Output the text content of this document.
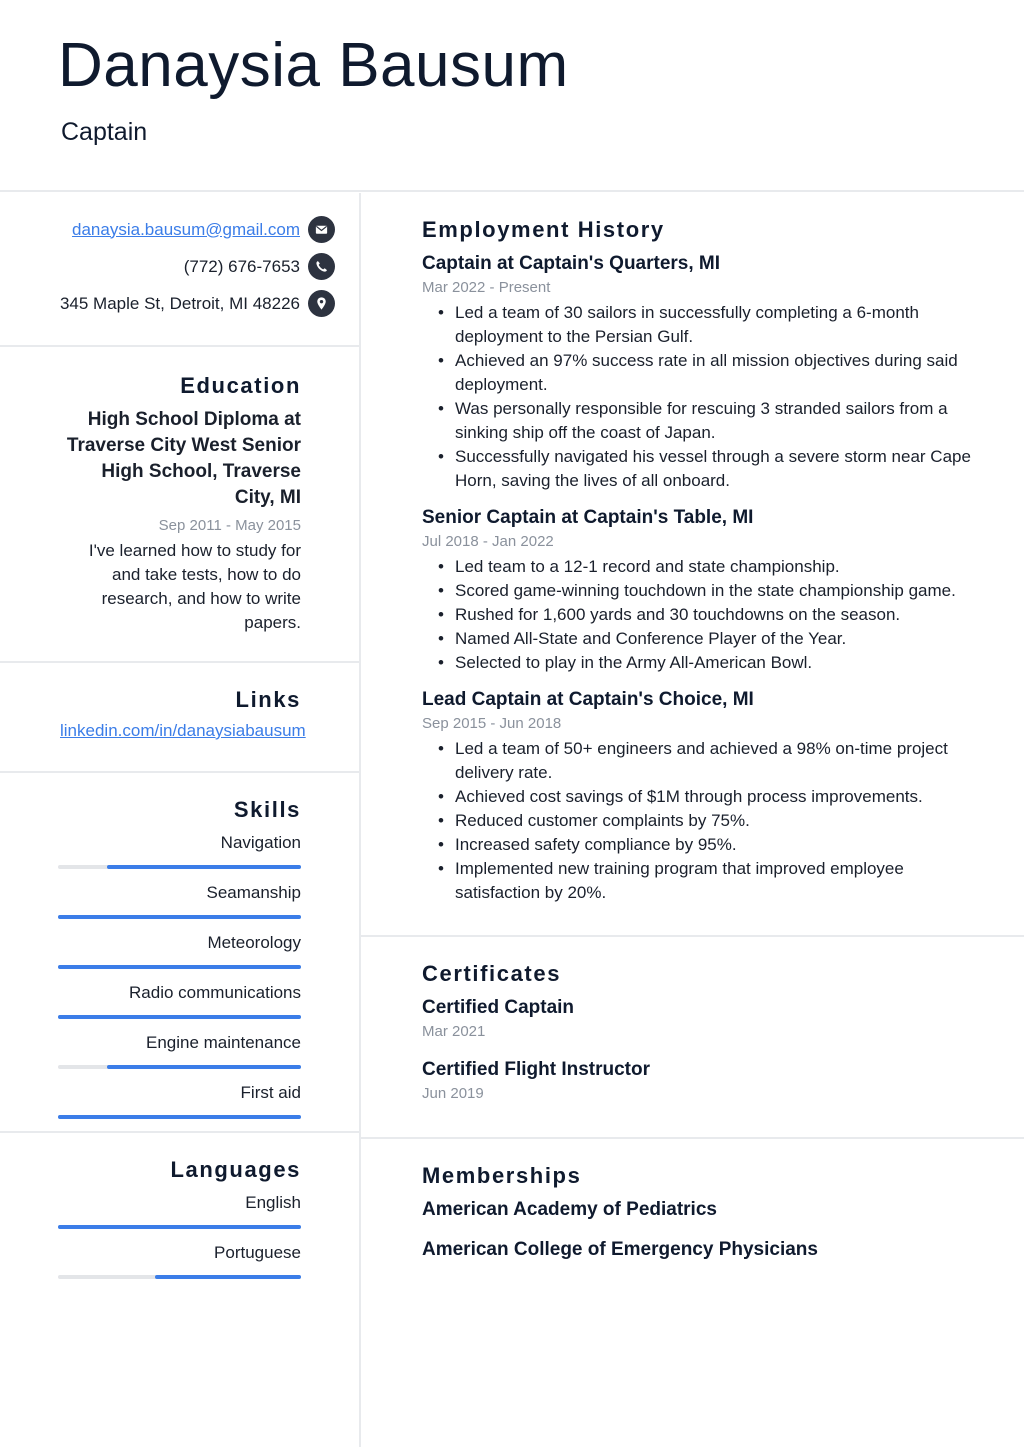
Danaysia Bausum
Captain
danaysia.bausum@gmail.com
(772) 676-7653
345 Maple St, Detroit, MI 48226
Education
High School Diploma at Traverse City West Senior High School, Traverse City, MI
Sep 2011 - May 2015
I've learned how to study for and take tests, how to do research, and how to write papers.
Links
linkedin.com/in/danaysiabausum
Skills
Navigation
Seamanship
Meteorology
Radio communications
Engine maintenance
First aid
Languages
English
Portuguese
Employment History
Captain at Captain's Quarters, MI
Mar 2022 - Present
• Led a team of 30 sailors in successfully completing a 6-month deployment to the Persian Gulf.
• Achieved an 97% success rate in all mission objectives during said deployment.
• Was personally responsible for rescuing 3 stranded sailors from a sinking ship off the coast of Japan.
• Successfully navigated his vessel through a severe storm near Cape Horn, saving the lives of all onboard.
Senior Captain at Captain's Table, MI
Jul 2018 - Jan 2022
• Led team to a 12-1 record and state championship.
• Scored game-winning touchdown in the state championship game.
• Rushed for 1,600 yards and 30 touchdowns on the season.
• Named All-State and Conference Player of the Year.
• Selected to play in the Army All-American Bowl.
Lead Captain at Captain's Choice, MI
Sep 2015 - Jun 2018
• Led a team of 50+ engineers and achieved a 98% on-time project delivery rate.
• Achieved cost savings of $1M through process improvements.
• Reduced customer complaints by 75%.
• Increased safety compliance by 95%.
• Implemented new training program that improved employee satisfaction by 20%.
Certificates
Certified Captain
Mar 2021
Certified Flight Instructor
Jun 2019
Memberships
American Academy of Pediatrics
American College of Emergency Physicians
